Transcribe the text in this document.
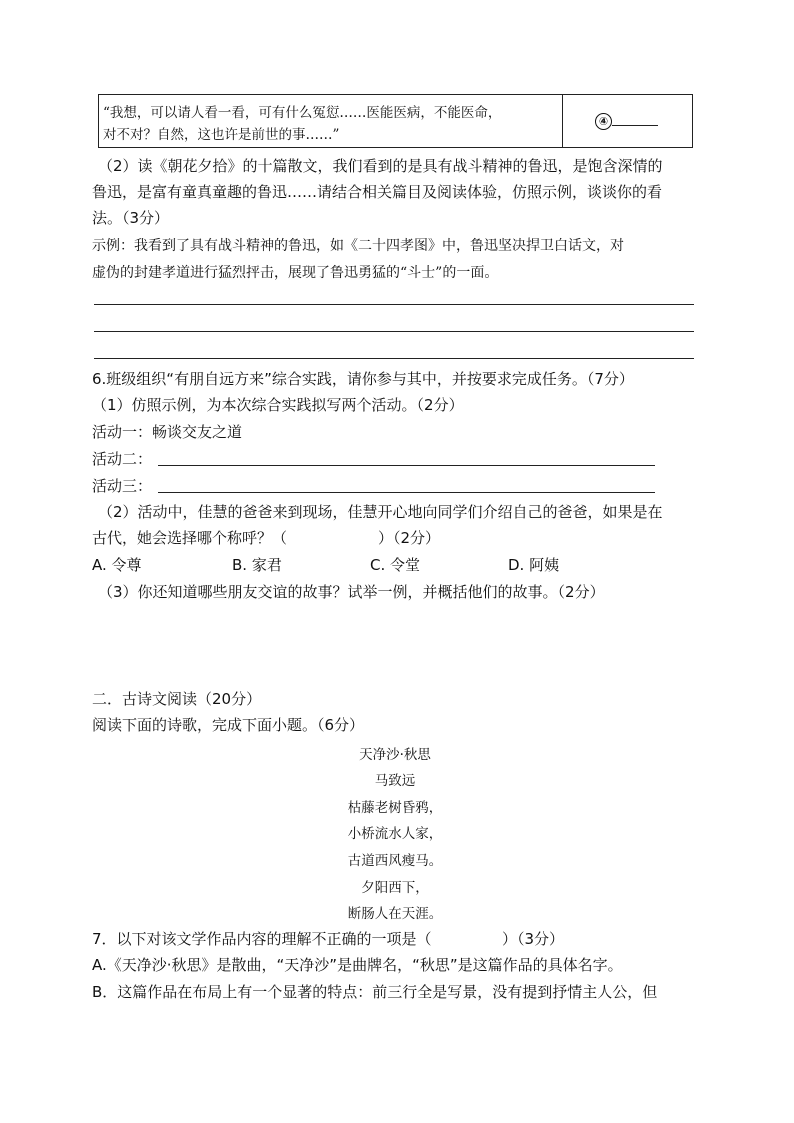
“我想，可以请人看一看，可有什么冤愆……医能医病，不能医命，
对不对？自然，这也许是前世的事……”
④
（2）读《朝花夕拾》的十篇散文，我们看到的是具有战斗精神的鲁迅，是饱含深情的
鲁迅，是富有童真童趣的鲁迅……请结合相关篇目及阅读体验，仿照示例，谈谈你的看
法。（3分）
示例：我看到了具有战斗精神的鲁迅，如《二十四孝图》中，鲁迅坚决捍卫白话文，对
虚伪的封建孝道进行猛烈抨击，展现了鲁迅勇猛的“斗士”的一面。
6.班级组织“有朋自远方来”综合实践，请你参与其中，并按要求完成任务。（7分）
（1）仿照示例，为本次综合实践拟写两个活动。（2分）
活动一：畅谈交友之道
活动二：
活动三：
（2）活动中，佳慧的爸爸来到现场，佳慧开心地向同学们介绍自己的爸爸，如果是在
古代，她会选择哪个称呼？（	）（2分）
A. 令尊	B. 家君	C. 令堂	D. 阿姨
（3）你还知道哪些朋友交谊的故事？试举一例，并概括他们的故事。（2分）
二．古诗文阅读（20分）
阅读下面的诗歌，完成下面小题。（6分）
天净沙·秋思
马致远
枯藤老树昏鸦，
小桥流水人家，
古道西风瘦马。
夕阳西下，
断肠人在天涯。
7．以下对该文学作品内容的理解不正确的一项是（	）（3分）
A.《天净沙·秋思》是散曲，“天净沙”是曲牌名，“秋思”是这篇作品的具体名字。
B．这篇作品在布局上有一个显著的特点：前三行全是写景，没有提到抒情主人公，但
